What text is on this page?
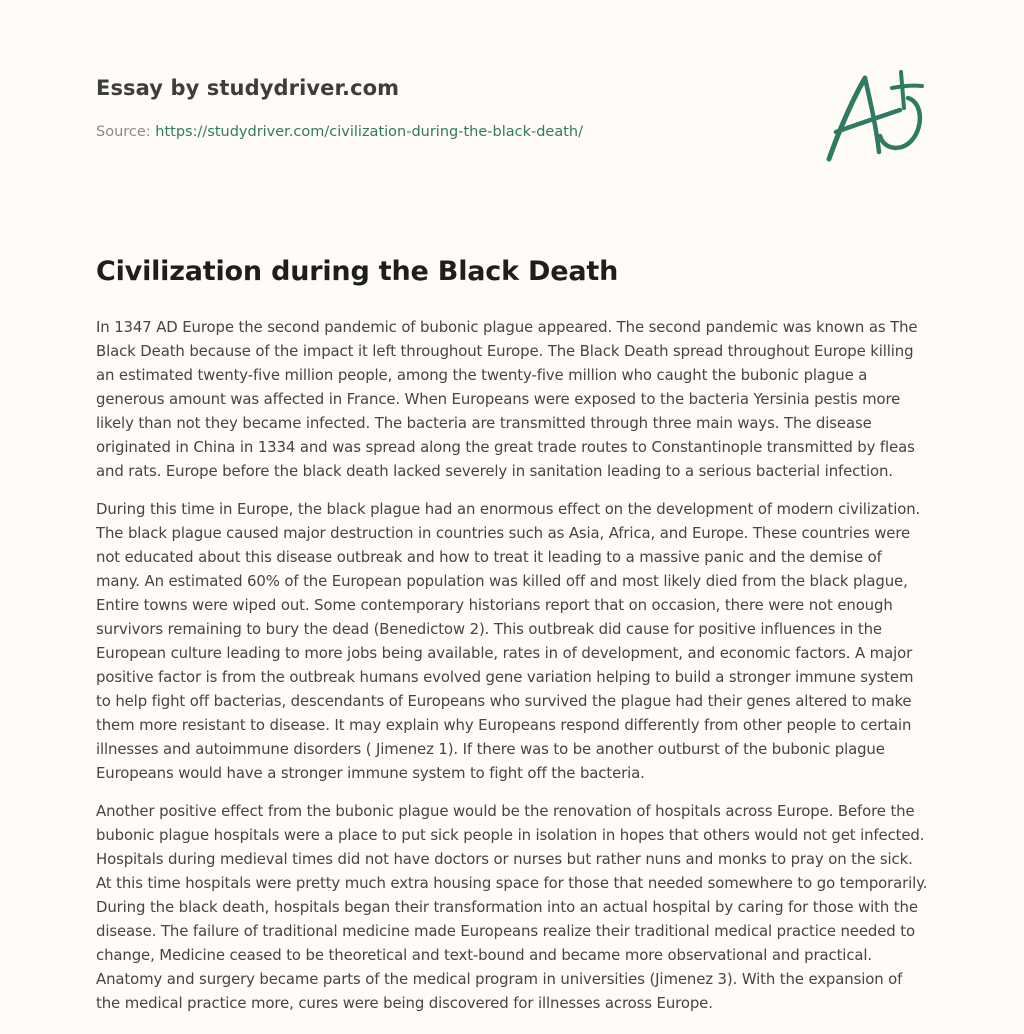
Essay by studydriver.com

Source: https://studydriver.com/civilization-during-the-black-death/

Civilization during the Black Death

In 1347 AD Europe the second pandemic of bubonic plague appeared. The second pandemic was known as The Black Death because of the impact it left throughout Europe. The Black Death spread throughout Europe killing an estimated twenty-five million people, among the twenty-five million who caught the bubonic plague a generous amount was affected in France. When Europeans were exposed to the bacteria Yersinia pestis more likely than not they became infected. The bacteria are transmitted through three main ways. The disease originated in China in 1334 and was spread along the great trade routes to Constantinople transmitted by fleas and rats. Europe before the black death lacked severely in sanitation leading to a serious bacterial infection.

During this time in Europe, the black plague had an enormous effect on the development of modern civilization. The black plague caused major destruction in countries such as Asia, Africa, and Europe. These countries were not educated about this disease outbreak and how to treat it leading to a massive panic and the demise of many. An estimated 60% of the European population was killed off and most likely died from the black plague, Entire towns were wiped out. Some contemporary historians report that on occasion, there were not enough survivors remaining to bury the dead (Benedictow 2). This outbreak did cause for positive influences in the European culture leading to more jobs being available, rates in of development, and economic factors. A major positive factor is from the outbreak humans evolved gene variation helping to build a stronger immune system to help fight off bacterias, descendants of Europeans who survived the plague had their genes altered to make them more resistant to disease. It may explain why Europeans respond differently from other people to certain illnesses and autoimmune disorders ( Jimenez 1). If there was to be another outburst of the bubonic plague Europeans would have a stronger immune system to fight off the bacteria.

Another positive effect from the bubonic plague would be the renovation of hospitals across Europe. Before the bubonic plague hospitals were a place to put sick people in isolation in hopes that others would not get infected. Hospitals during medieval times did not have doctors or nurses but rather nuns and monks to pray on the sick. At this time hospitals were pretty much extra housing space for those that needed somewhere to go temporarily. During the black death, hospitals began their transformation into an actual hospital by caring for those with the disease. The failure of traditional medicine made Europeans realize their traditional medical practice needed to change, Medicine ceased to be theoretical and text-bound and became more observational and practical. Anatomy and surgery became parts of the medical program in universities (Jimenez 3). With the expansion of the medical practice more, cures were being discovered for illnesses across Europe.
